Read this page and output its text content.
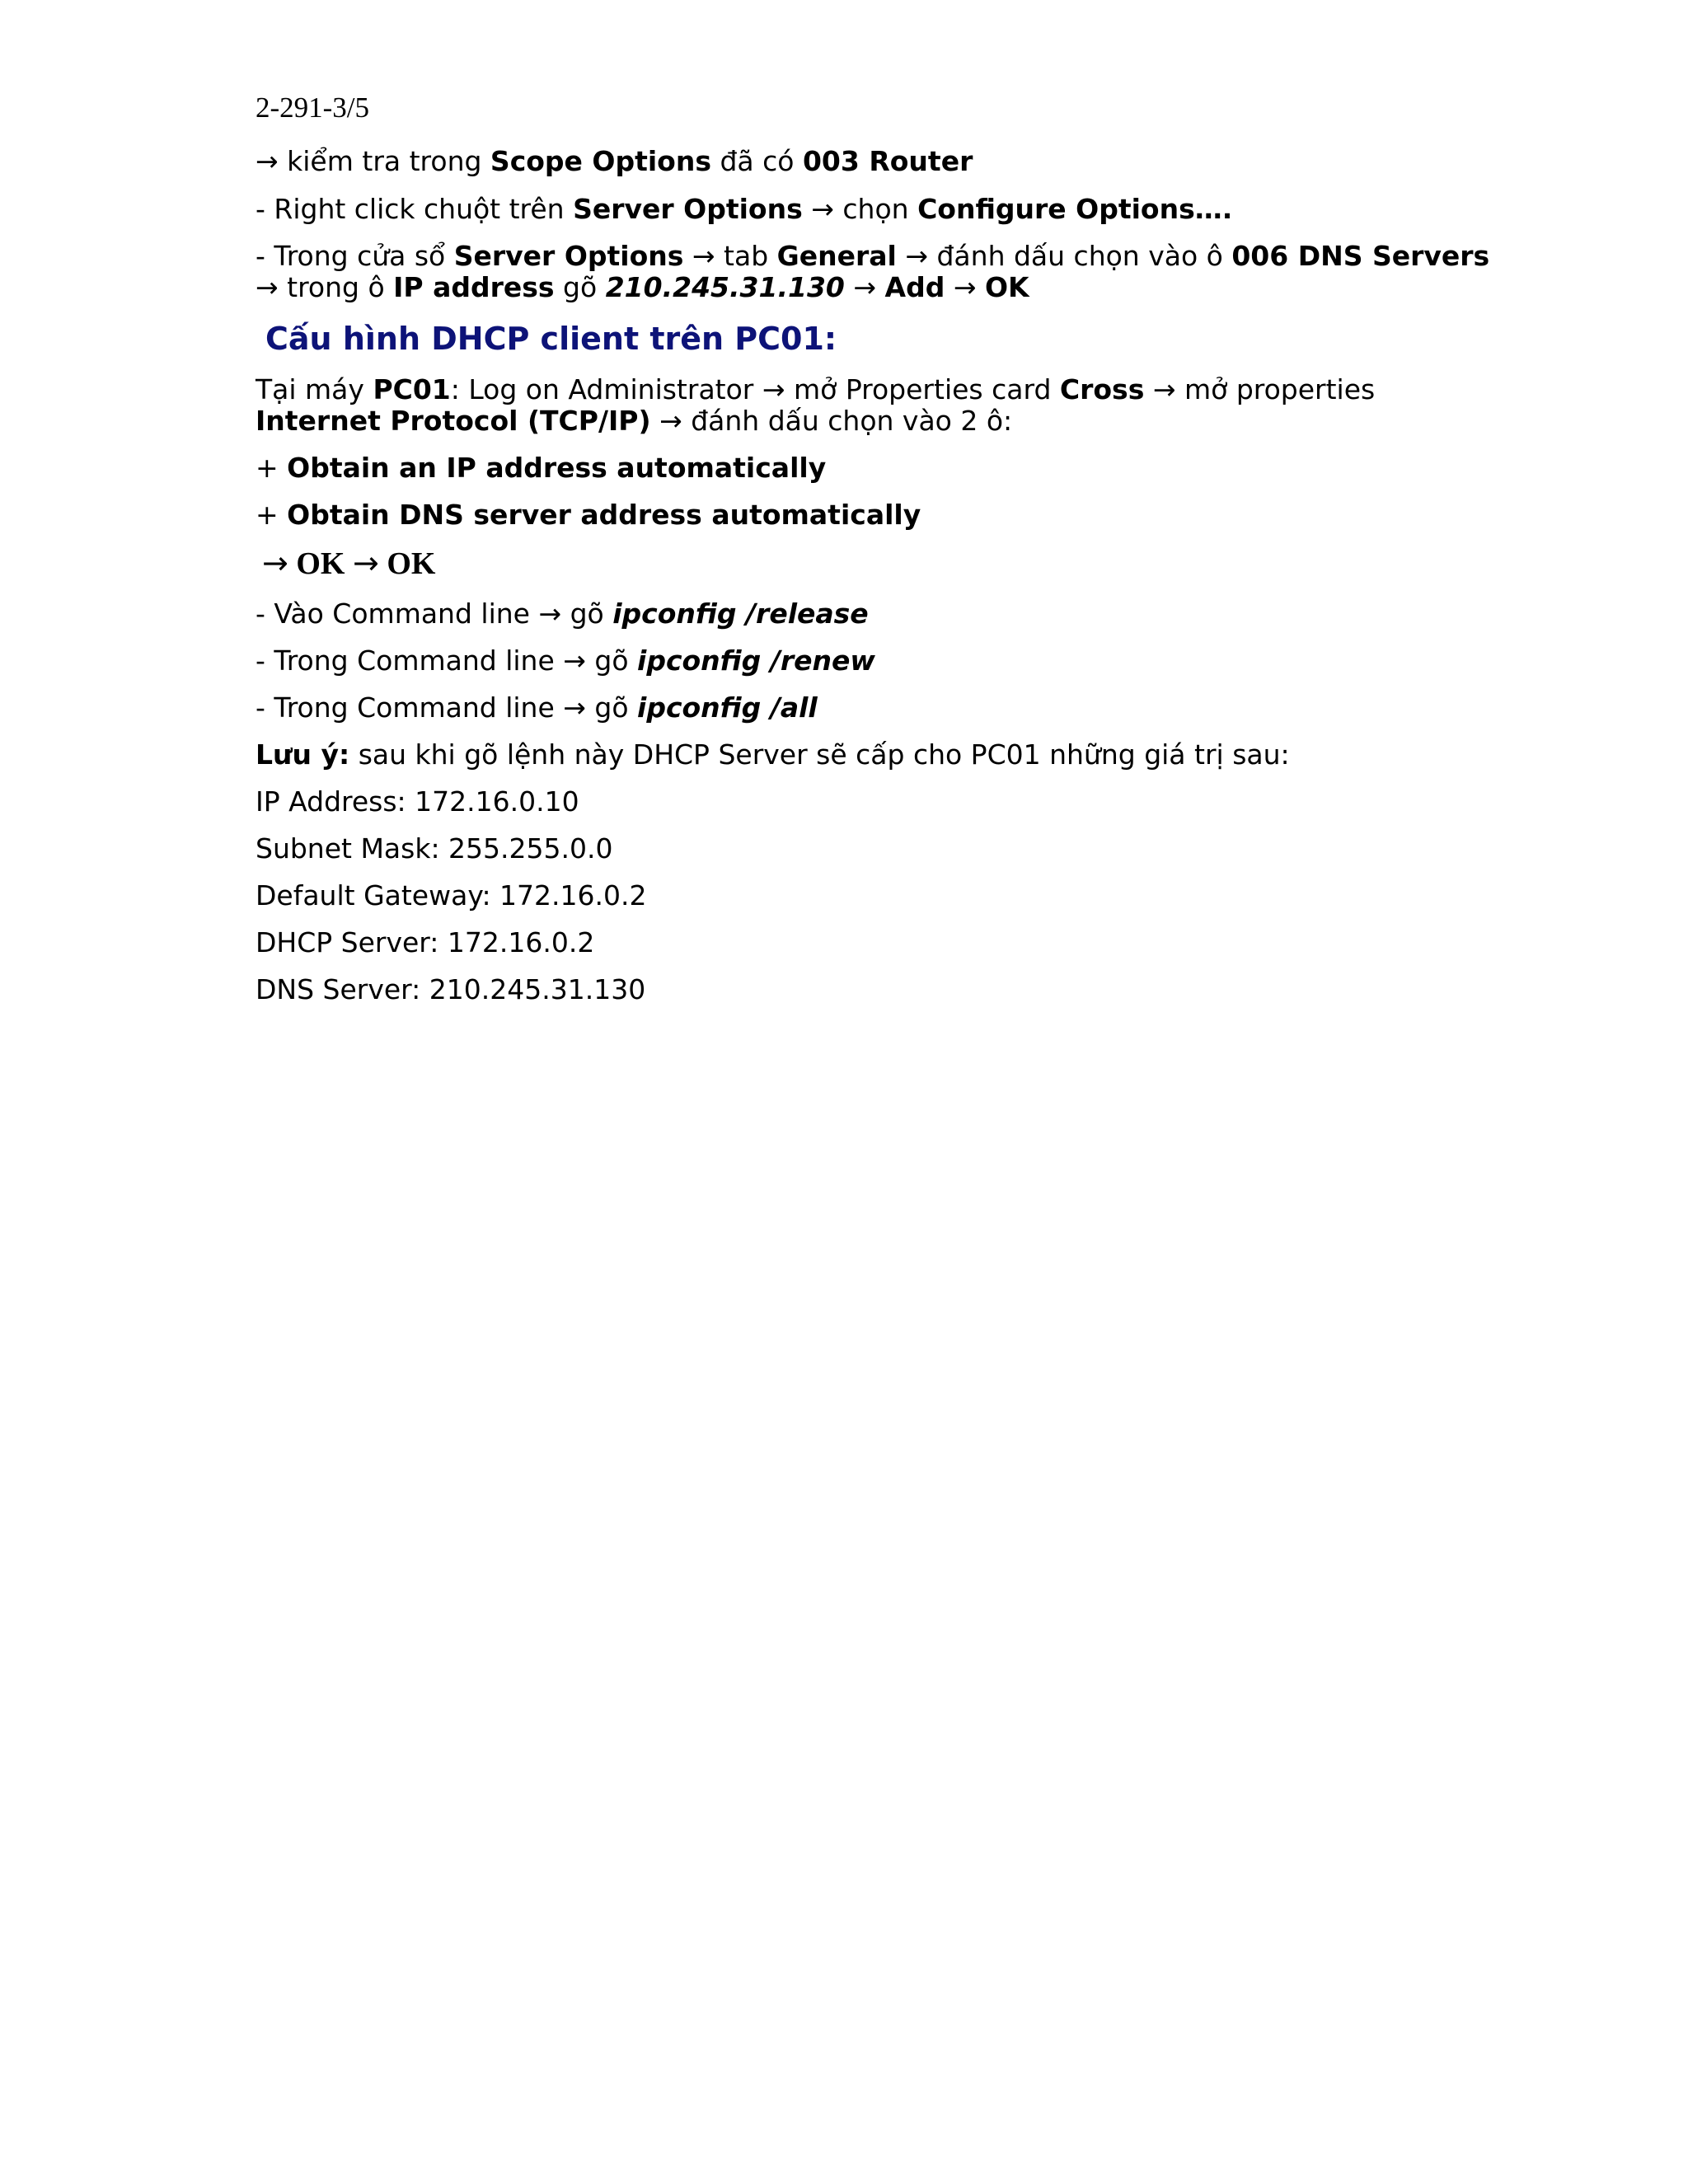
2-291-3/5
→ kiểm tra trong Scope Options đã có 003 Router
- Right click chuột trên Server Options → chọn Configure Options….
- Trong cửa sổ Server Options → tab General → đánh dấu chọn vào ô 006 DNS Servers
→ trong ô IP address gõ 210.245.31.130 → Add → OK
Cấu hình DHCP client trên PC01:
Tại máy PC01: Log on Administrator → mở Properties card Cross → mở properties
Internet Protocol (TCP/IP) → đánh dấu chọn vào 2 ô:
+ Obtain an IP address automatically
+ Obtain DNS server address automatically
→ OK → OK
- Vào Command line → gõ ipconfig /release
- Trong Command line → gõ ipconfig /renew
- Trong Command line → gõ ipconfig /all
Lưu ý: sau khi gõ lệnh này DHCP Server sẽ cấp cho PC01 những giá trị sau:
IP Address: 172.16.0.10
Subnet Mask: 255.255.0.0
Default Gateway: 172.16.0.2
DHCP Server: 172.16.0.2
DNS Server: 210.245.31.130
